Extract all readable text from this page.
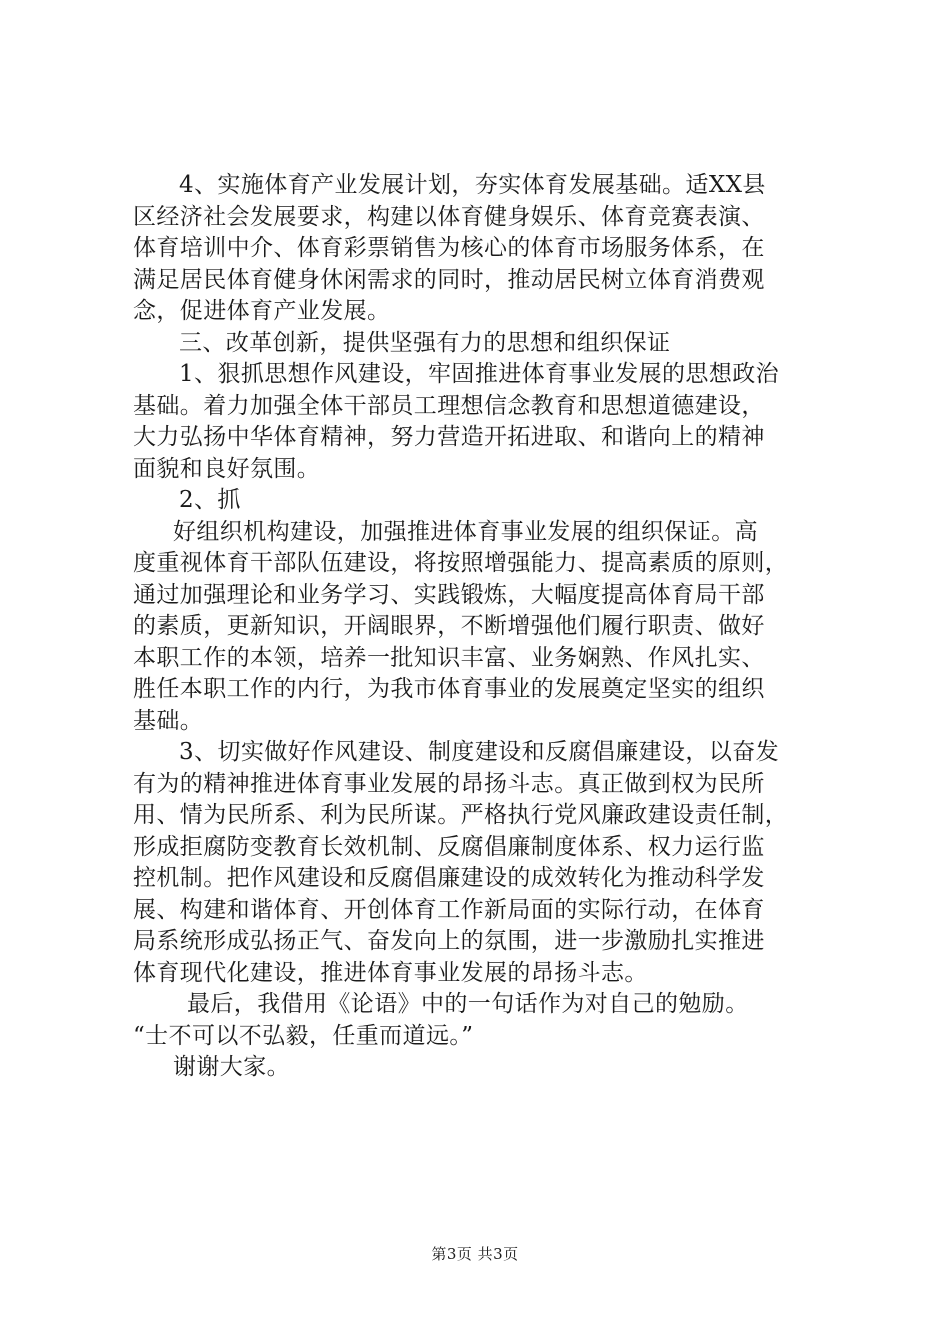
4、实施体育产业发展计划，夯实体育发展基础。适XX县
区经济社会发展要求，构建以体育健身娱乐、体育竞赛表演、
体育培训中介、体育彩票销售为核心的体育市场服务体系，在
满足居民体育健身休闲需求的同时，推动居民树立体育消费观
念，促进体育产业发展。
三、改革创新，提供坚强有力的思想和组织保证
1、狠抓思想作风建设，牢固推进体育事业发展的思想政治
基础。着力加强全体干部员工理想信念教育和思想道德建设，
大力弘扬中华体育精神，努力营造开拓进取、和谐向上的精神
面貌和良好氛围。
2、抓
好组织机构建设，加强推进体育事业发展的组织保证。高
度重视体育干部队伍建设，将按照增强能力、提高素质的原则，
通过加强理论和业务学习、实践锻炼，大幅度提高体育局干部
的素质，更新知识，开阔眼界，不断增强他们履行职责、做好
本职工作的本领，培养一批知识丰富、业务娴熟、作风扎实、
胜任本职工作的内行，为我市体育事业的发展奠定坚实的组织
基础。
3、切实做好作风建设、制度建设和反腐倡廉建设，以奋发
有为的精神推进体育事业发展的昂扬斗志。真正做到权为民所
用、情为民所系、利为民所谋。严格执行党风廉政建设责任制，
形成拒腐防变教育长效机制、反腐倡廉制度体系、权力运行监
控机制。把作风建设和反腐倡廉建设的成效转化为推动科学发
展、构建和谐体育、开创体育工作新局面的实际行动，在体育
局系统形成弘扬正气、奋发向上的氛围，进一步激励扎实推进
体育现代化建设，推进体育事业发展的昂扬斗志。
最后，我借用《论语》中的一句话作为对自己的勉励。
“士不可以不弘毅，任重而道远。”
谢谢大家。
第3页 共3页
